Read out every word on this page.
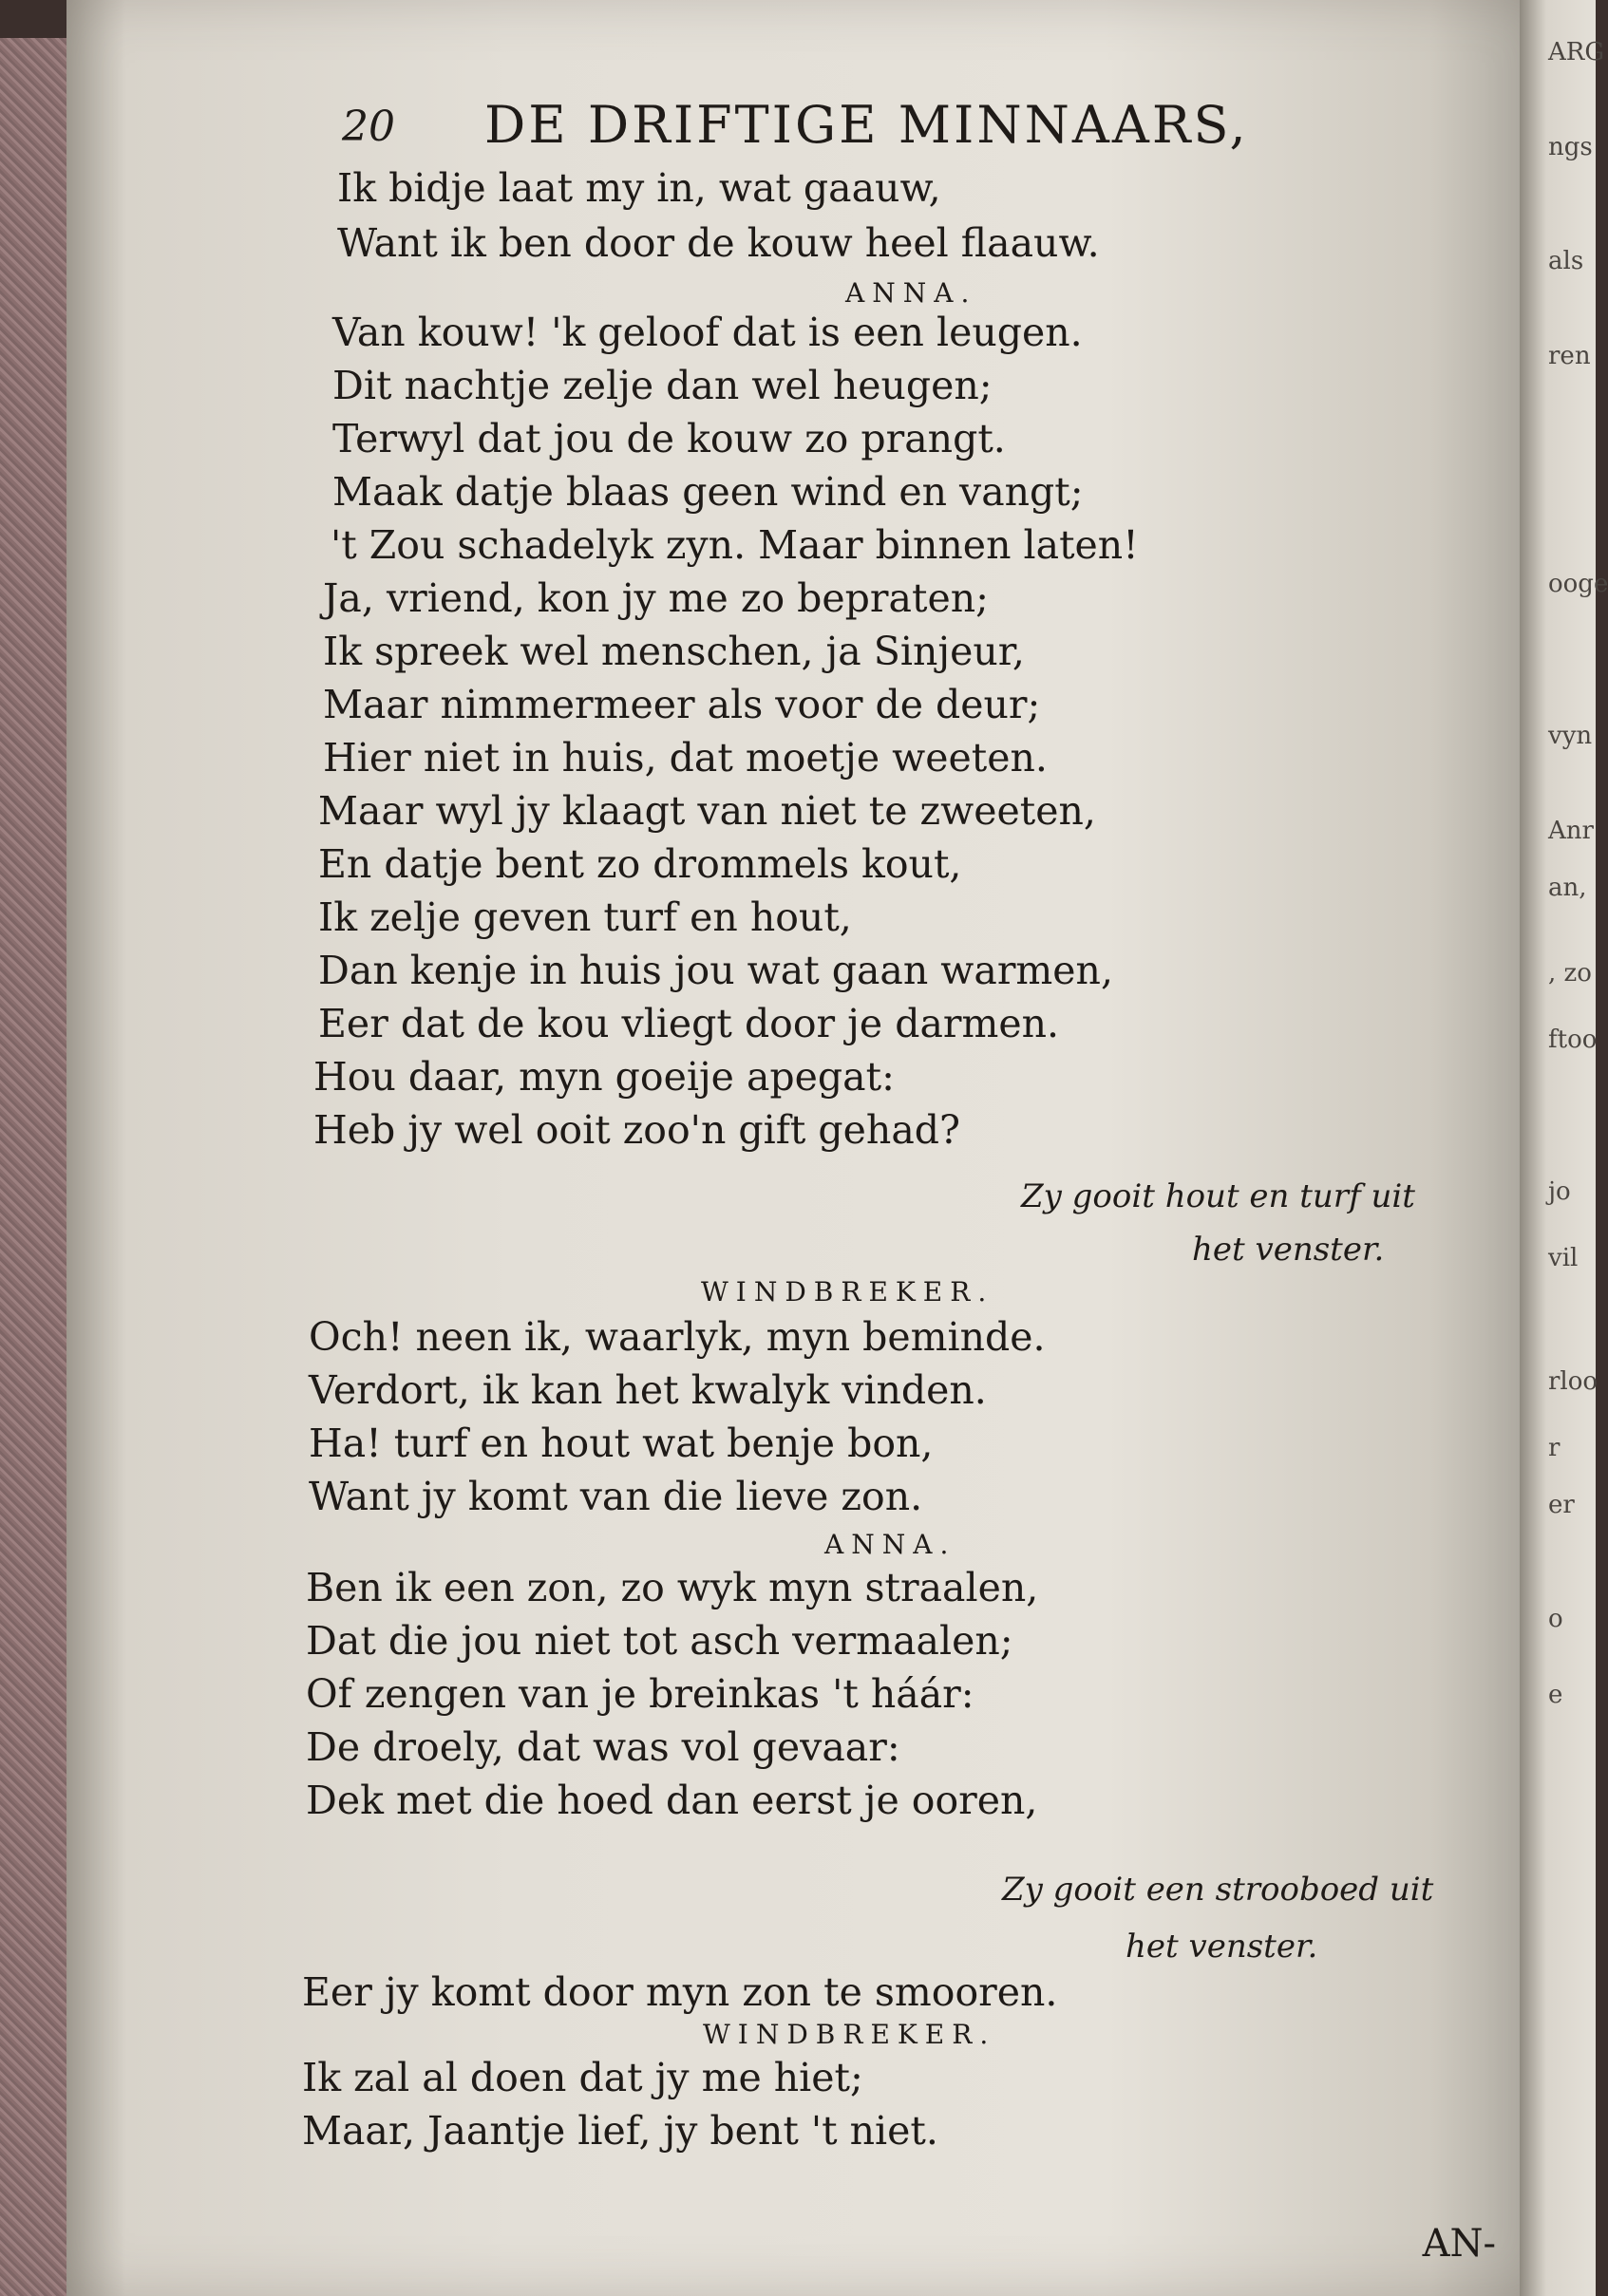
ARG
ngs
als
ren
ooge
vyn
Anr
an,
, zo
ftoo
jo
vil
rloo
r
er
o
e
20 DE DRIFTIGE MINNAARS,
Ik bidje laat my in, wat gaauw,
Want ik ben door de kouw heel flaauw.
ANNA.
Van kouw! 'k geloof dat is een leugen.
Dit nachtje zelje dan wel heugen;
Terwyl dat jou de kouw zo prangt.
Maak datje blaas geen wind en vangt;
't Zou schadelyk zyn. Maar binnen laten!
Ja, vriend, kon jy me zo bepraten;
Ik spreek wel menschen, ja Sinjeur,
Maar nimmermeer als voor de deur;
Hier niet in huis, dat moetje weeten.
Maar wyl jy klaagt van niet te zweeten,
En datje bent zo drommels kout,
Ik zelje geven turf en hout,
Dan kenje in huis jou wat gaan warmen,
Eer dat de kou vliegt door je darmen.
Hou daar, myn goeije apegat:
Heb jy wel ooit zoo'n gift gehad?
Zy gooit hout en turf uit
het venster.
WINDBREKER.
Och! neen ik, waarlyk, myn beminde.
Verdort, ik kan het kwalyk vinden.
Ha! turf en hout wat benje bon,
Want jy komt van die lieve zon.
ANNA.
Ben ik een zon, zo wyk myn straalen,
Dat die jou niet tot asch vermaalen;
Of zengen van je breinkas 't háár:
De droely, dat was vol gevaar:
Dek met die hoed dan eerst je ooren,
Zy gooit een strooboed uit
het venster.
Eer jy komt door myn zon te smooren.
WINDBREKER.
Ik zal al doen dat jy me hiet;
Maar, Jaantje lief, jy bent 't niet.
AN-
